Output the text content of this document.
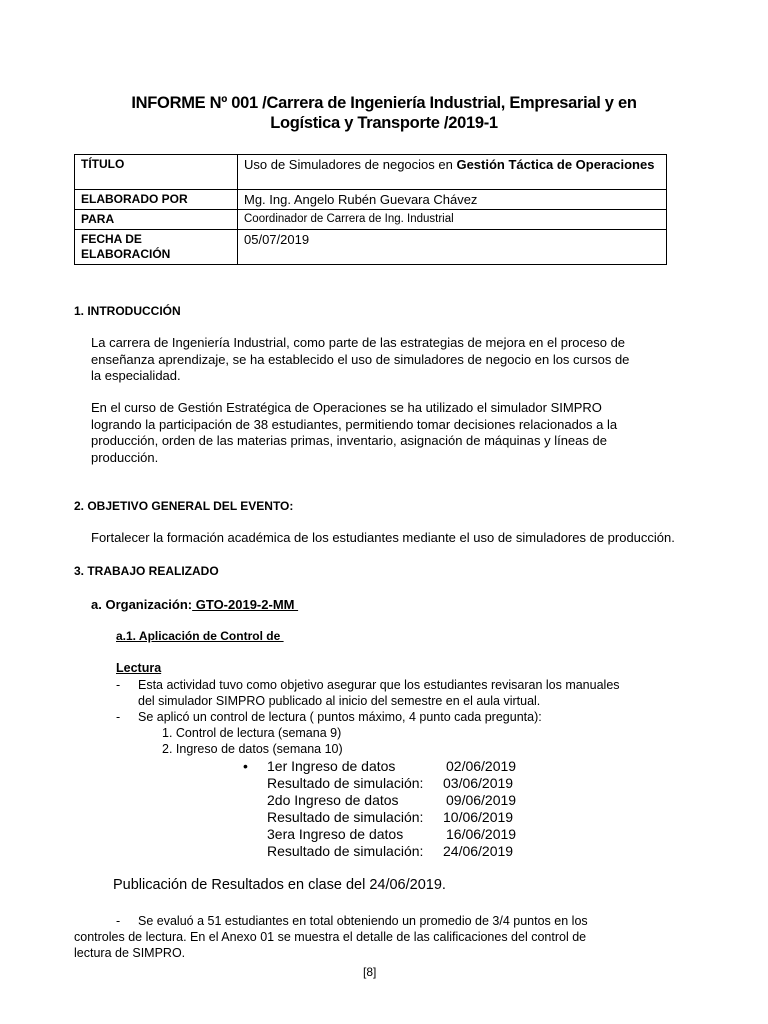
INFORME Nº 001 /Carrera de Ingeniería Industrial, Empresarial y en
Logística y Transporte /2019-1
TÍTULO	Uso de Simuladores de negocios en Gestión Táctica de Operaciones
ELABORADO POR	Mg. Ing. Angelo Rubén Guevara Chávez
PARA	Coordinador de Carrera de Ing. Industrial

FECHA DE
ELABORACIÓN	05/07/2019
1. INTRODUCCIÓN
La carrera de Ingeniería Industrial, como parte de las estrategias de mejora en el proceso de
enseñanza aprendizaje, se ha establecido el uso de simuladores de negocio en los cursos de
la especialidad.
En el curso de Gestión Estratégica de Operaciones se ha utilizado el simulador SIMPRO
logrando la participación de 38 estudiantes, permitiendo tomar decisiones relacionados a la
producción, orden de las materias primas, inventario, asignación de máquinas y líneas de
producción.
2. OBJETIVO GENERAL DEL EVENTO:
Fortalecer la formación académica de los estudiantes mediante el uso de simuladores de producción.
3. TRABAJO REALIZADO
a. Organización: GTO-2019-2-MM
a.1. Aplicación de Control de
Lectura
- Esta actividad tuvo como objetivo asegurar que los estudiantes revisaran los manuales
del simulador SIMPRO publicado al inicio del semestre en el aula virtual.
- Se aplicó un control de lectura ( puntos máximo, 4 punto cada pregunta):
1. Control de lectura (semana 9)
2. Ingreso de datos (semana 10)
• 1er Ingreso de datos	02/06/2019
Resultado de simulación: 03/06/2019
2do Ingreso de datos	09/06/2019
Resultado de simulación: 10/06/2019
3era Ingreso de datos	16/06/2019
Resultado de simulación: 24/06/2019
Publicación de Resultados en clase del 24/06/2019.
- Se evaluó a 51 estudiantes en total obteniendo un promedio de 3/4 puntos en los
controles de lectura. En el Anexo 01 se muestra el detalle de las calificaciones del control de
lectura de SIMPRO.
[8]
